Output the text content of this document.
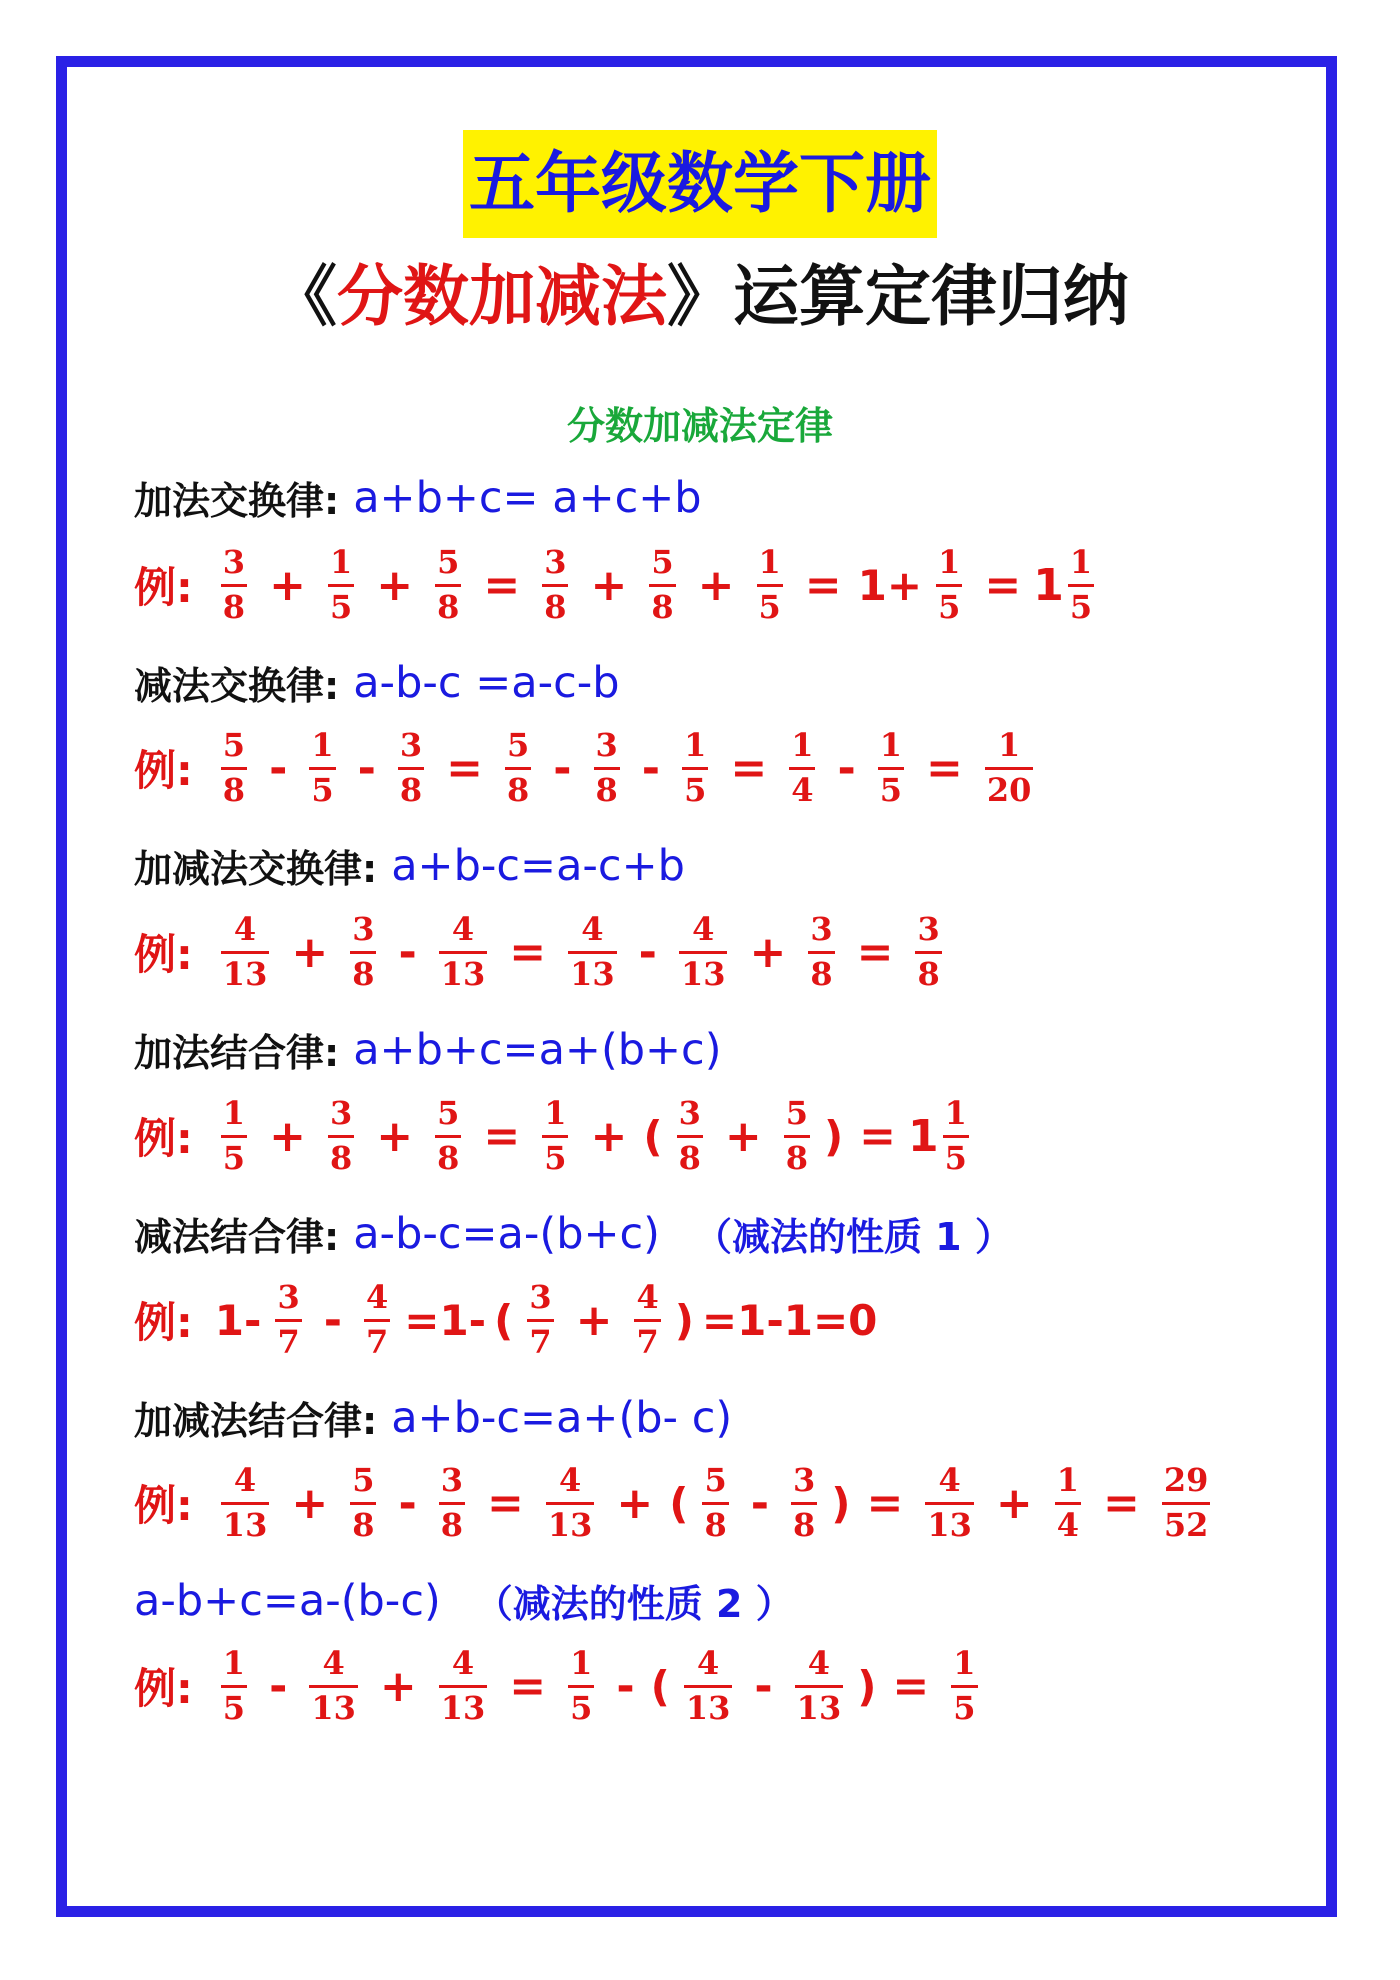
五年级数学下册
《分数加减法》运算定律归纳
分数加减法定律
加法交换律: a+b+c= a+c+b
例: $\frac{3}{8} + \frac{1}{5} + \frac{5}{8} = \frac{3}{8} + \frac{5}{8} + \frac{1}{5} = 1+ \frac{1}{5} = 1 \frac{1}{5}$
减法交换律: a-b-c =a-c-b
例: $\frac{5}{8} - \frac{1}{5} - \frac{3}{8} = \frac{5}{8} - \frac{3}{8} - \frac{1}{5} = \frac{1}{4} - \frac{1}{5} = \frac{1}{20}$
加减法交换律: a+b-c=a-c+b
例: $\frac{4}{13} + \frac{3}{8} - \frac{4}{13} = \frac{4}{13} - \frac{4}{13} + \frac{3}{8} = \frac{3}{8}$
加法结合律: a+b+c=a+(b+c)
例: $\frac{1}{5} + \frac{3}{8} + \frac{5}{8} = \frac{1}{5}$ + ( $\frac{3}{8} + \frac{5}{8}$ ) = $1 \frac{1}{5}$
减法结合律: a-b-c=a-(b+c) （减法的性质 1 ）
例: $1- \frac{3}{7} - \frac{4}{7} =1-$ ( $\frac{3}{7} + \frac{4}{7}$ ) =1-1=0
加减法结合律: a+b-c=a+(b- c)
例: $\frac{4}{13} + \frac{5}{8} - \frac{3}{8} = \frac{4}{13}$ + ( $\frac{5}{8} - \frac{3}{8}$ ) = $\frac{4}{13} + \frac{1}{4} = \frac{29}{52}$
a-b+c=a-(b-c) （减法的性质 2 ）
例: $\frac{1}{5} - \frac{4}{13} + \frac{4}{13} = \frac{1}{5}$ - ( $\frac{4}{13} - \frac{4}{13}$ ) = $\frac{1}{5}$
